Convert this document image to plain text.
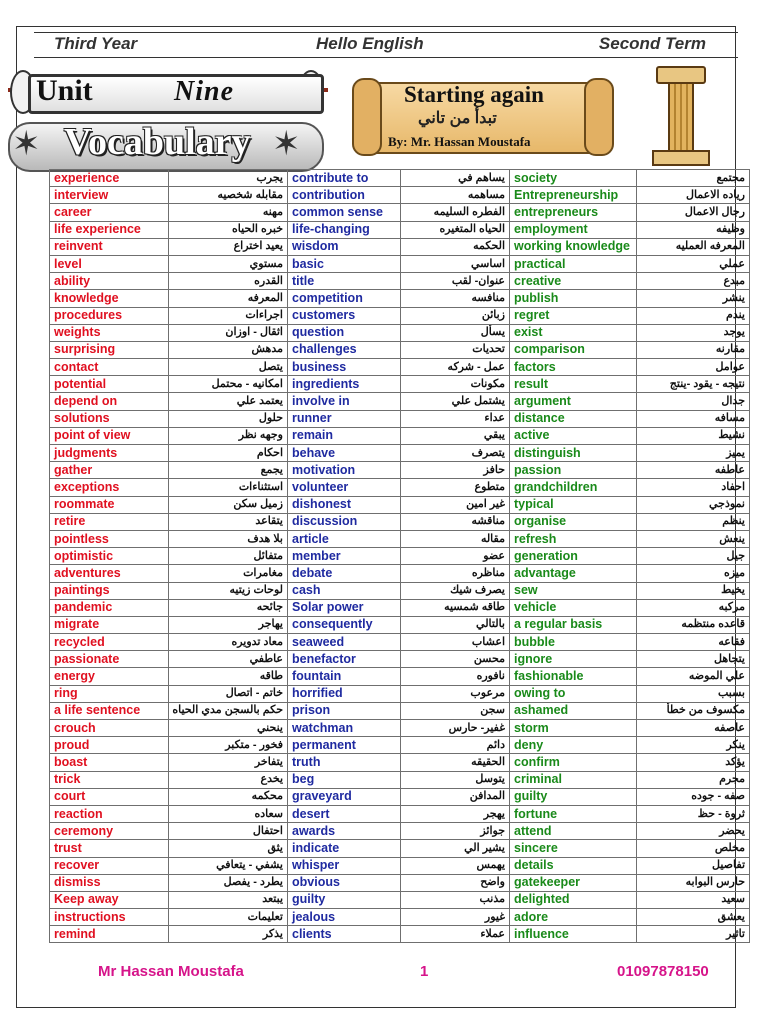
Third Year	Hello English	Second Term
Unit	Nine
✶ Vocabulary ✶
Starting again
تبدأ من تاني
By: Mr. Hassan Moustafa
experience	يجرب	contribute to	يساهم في	society	مجتمع
interview	مقابله شخصيه	contribution	مساهمه	Entrepreneurship	رياده الاعمال
career	مهنه	common sense	الفطره السليمه	entrepreneurs	رجال الاعمال
life experience	خبره الحياه	life-changing	الحياه المتغيره	employment	وظيفه
reinvent	يعيد اختراع	wisdom	الحكمه	working knowledge	المعرفه العمليه
level	مستوي	basic	اساسي	practical	عملي
ability	القدره	title	عنوان- لقب	creative	مبدع
knowledge	المعرفه	competition	منافسه	publish	ينشر
procedures	اجراءات	customers	زبائن	regret	يندم
weights	اثقال - اوزان	question	يسأل	exist	يوجد
surprising	مدهش	challenges	تحديات	comparison	مقارنه
contact	يتصل	business	عمل - شركه	factors	عوامل
potential	امكانيه - محتمل	ingredients	مكونات	result	نتيجه - يقود -ينتج
depend on	يعتمد علي	involve in	يشتمل علي	argument	جدال
solutions	حلول	runner	عداء	distance	مسافه
point of view	وجهه نظر	remain	يبقي	active	نشيط
judgments	احكام	behave	يتصرف	distinguish	يميز
gather	يجمع	motivation	حافز	passion	عاطفه
exceptions	استثناءات	volunteer	متطوع	grandchildren	احفاد
roommate	زميل سكن	dishonest	غير امين	typical	نموذجي
retire	يتقاعد	discussion	مناقشه	organise	ينظم
pointless	بلا هدف	article	مقاله	refresh	ينعش
optimistic	متفائل	member	عضو	generation	جيل
adventures	مغامرات	debate	مناظره	advantage	ميزه
paintings	لوحات زيتيه	cash	يصرف شيك	sew	يخيط
pandemic	جائحه	Solar power	طاقه شمسيه	vehicle	مركبه
migrate	يهاجر	consequently	بالتالي	a regular basis	قاعده منتظمه
recycled	معاد تدويره	seaweed	اعشاب	bubble	فقاعه
passionate	عاطفي	benefactor	محسن	ignore	يتجاهل
energy	طاقه	fountain	نافوره	fashionable	علي الموضه
ring	خاتم - اتصال	horrified	مرعوب	owing to	بسبب
a life sentence	حكم بالسجن مدي الحياه	prison	سجن	ashamed	مكسوف من خطأ
crouch	ينحني	watchman	غفير- حارس	storm	عاصفه
proud	فخور - متكبر	permanent	دائم	deny	ينكر
boast	يتفاخر	truth	الحقيقه	confirm	يؤكد
trick	يخدع	beg	يتوسل	criminal	مجرم
court	محكمه	graveyard	المدافن	guilty	صفه - جوده
reaction	سعاده	desert	يهجر	fortune	ثروة - حظ
ceremony	احتفال	awards	جوائز	attend	يحضر
trust	يثق	indicate	يشير الي	sincere	مخلص
recover	يشفي - يتعافي	whisper	يهمس	details	تفاصيل
dismiss	يطرد - يفصل	obvious	واضح	gatekeeper	حارس البوابه
Keep away	يبتعد	guilty	مذنب	delighted	سعيد
instructions	تعليمات	jealous	غيور	adore	يعشق
remind	يذكر	clients	عملاء	influence	تاثير
Mr Hassan Moustafa	1	01097878150
